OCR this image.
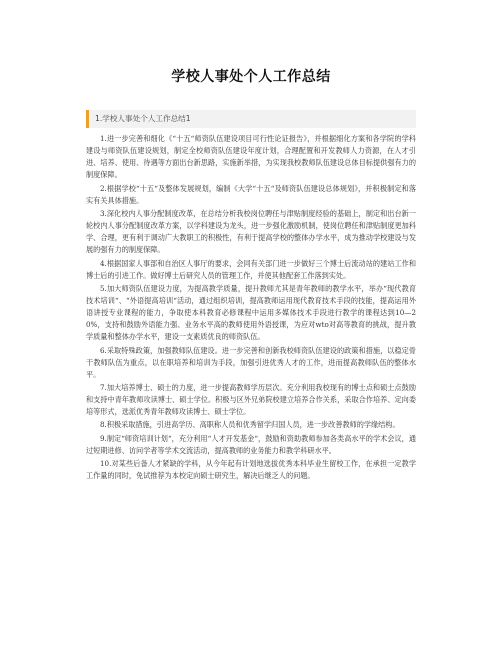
学校人事处个人工作总结
1.学校人事处个人工作总结1

1.进一步完善和细化《“十五“师资队伍建设项目可行性论证报告》，并根据细化方案和各学院的学科建设与师资队伍建设规划，制定全校师资队伍建设年度计划，合理配置和开发教师人力资源，在人才引进、培养、使用、待遇等方面出台新思路，实施新举措，为实现我校教师队伍建设总体目标提供强有力的制度保障。

2.根据学校“十五“及整体发展规划，编制《大学“十五“及师资队伍建设总体规划》，并积极制定和落实有关具体措施。

3.深化校内人事分配制度改革，在总结分析我校岗位聘任与津贴制度经验的基础上，制定和出台新一轮校内人事分配制度改革方案，以学科建设为龙头，进一步强化激励机制，使岗位聘任和津贴制度更加科学、合理，更有利于调动广大教职工的积极性，有利于提高学校的整体办学水平，成为推动学校建设与发展的强有力的制度保障。

4.根据国家人事部和自治区人事厅的要求，会同有关部门进一步做好三个博士后流动站的建站工作和博士后的引进工作。做好博士后研究人员的管理工作，并使其他配套工作落到实处。

5.加大师资队伍建设力度，为提高教学质量，提升教师尤其是青年教师的教学水平，举办“现代教育技术培训“、“外语提高培训“活动，通过组织培训，提高教师运用现代教育技术手段的技能，提高运用外语讲授专业课程的能力，争取使本科教育必修课程中运用多媒体技术手段进行教学的课程达到10—20%，支持和鼓励外语能力强、业务水平高的教师使用外语授课，为应对wto对高等教育的挑战，提升教学质量和整体办学水平，建设一支素质优良的师资队伍。

6.采取特殊政策，加强教师队伍建设。进一步完善和创新我校师资队伍建设的政策和措施，以稳定骨干教师队伍为重点，以在职培养和培训为手段，加强引进优秀人才的工作，进而提高教师队伍的整体水平。

7.加大培养博士、硕士的力度，进一步提高教师学历层次。充分利用我校现有的博士点和硕士点鼓励和支持中青年教师攻读博士、硕士学位。积极与区外兄弟院校建立培养合作关系，采取合作培养、定向委培等形式，选派优秀青年教师攻读博士、硕士学位。

8.积极采取措施，引进高学历、高职称人员和优秀留学归国人员，进一步改善教师的学缘结构。

9.制定“师资培训计划“，充分利用“人才开发基金“，鼓励和资助教师参加各类高水平的学术会议，通过短期进修、访问学者等学术交流活动，提高教师的业务能力和教学科研水平。

10.对某些后备人才紧缺的学科，从今年起有计划地选拔优秀本科毕业生留校工作，在承担一定教学工作量的同时，免试推荐为本校定向硕士研究生，解决后继乏人的问题。
